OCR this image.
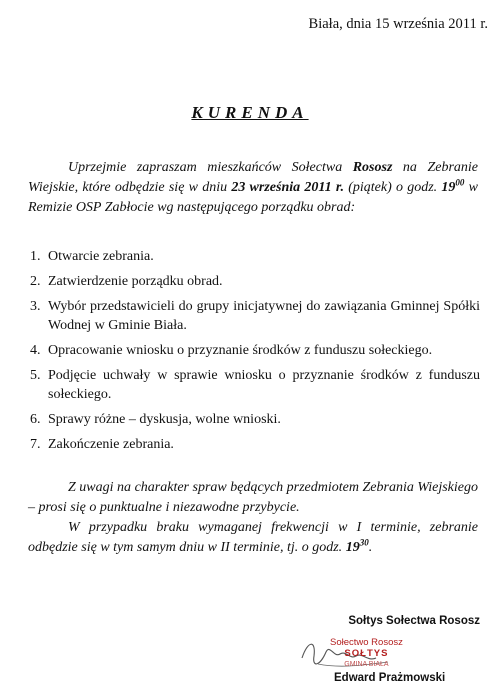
Biała, dnia 15 września 2011 r.
KURENDA

Uprzejmie zapraszam mieszkańców Sołectwa Rososz na Zebranie Wiejskie, które odbędzie się w dniu 23 września 2011 r. (piątek) o godz. $19^{00}$ w Remizie OSP Zabłocie wg następującego porządku obrad:

1. Otwarcie zebrania.
2. Zatwierdzenie porządku obrad.
3. Wybór przedstawicieli do grupy inicjatywnej do zawiązania Gminnej Spółki Wodnej w Gminie Biała.
4. Opracowanie wniosku o przyznanie środków z funduszu sołeckiego.
5. Podjęcie uchwały w sprawie wniosku o przyznanie środków z funduszu sołeckiego.
6. Sprawy różne – dyskusja, wolne wnioski.
7. Zakończenie zebrania.

Z uwagi na charakter spraw będących przedmiotem Zebrania Wiejskiego – prosi się o punktualne i niezawodne przybycie.

W przypadku braku wymaganej frekwencji w I terminie, zebranie odbędzie się w tym samym dniu w II terminie, tj. o godz. $19^{30}$.

Sołtys Sołectwa Rososz
Sołectwo Rososz
SOŁTYS
GMINA BIAŁA
Edward Prażmowski
